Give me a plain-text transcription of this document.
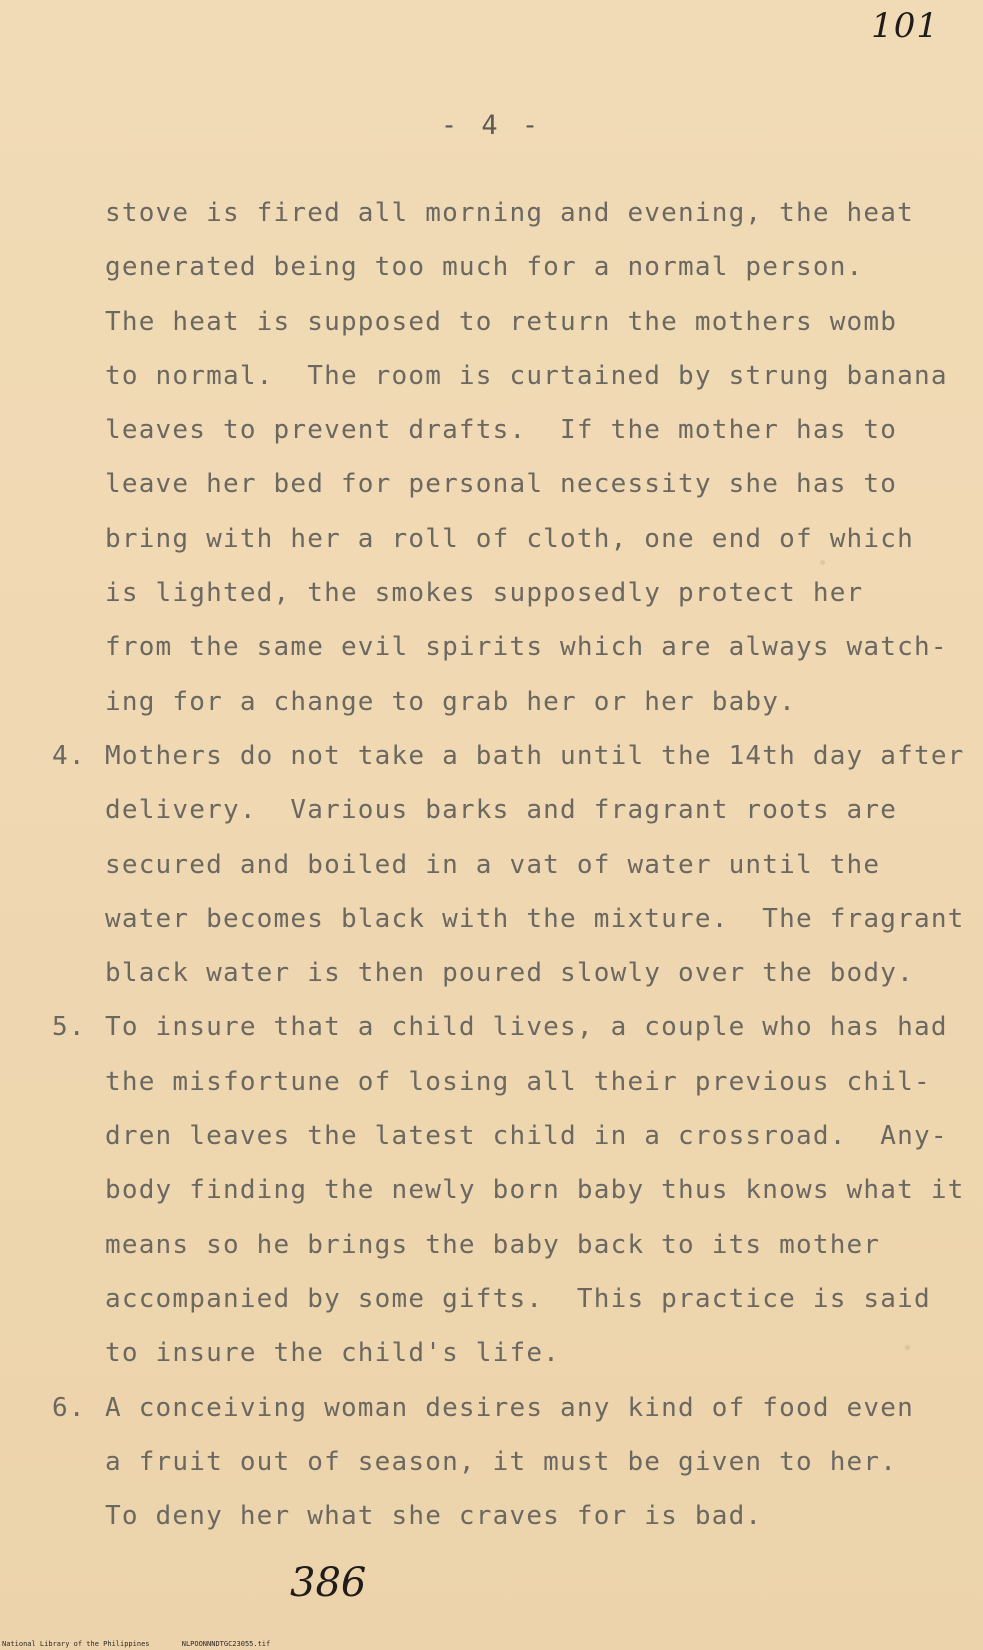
101
- 4 -
stove is fired all morning and evening, the heat
generated being too much for a normal person.
The heat is supposed to return the mothers womb
to normal.  The room is curtained by strung banana
leaves to prevent drafts.  If the mother has to
leave her bed for personal necessity she has to
bring with her a roll of cloth, one end of which
is lighted, the smokes supposedly protect her
from the same evil spirits which are always watch-
ing for a change to grab her or her baby.
4. Mothers do not take a bath until the 14th day after
delivery.  Various barks and fragrant roots are
secured and boiled in a vat of water until the
water becomes black with the mixture.  The fragrant
black water is then poured slowly over the body.
5. To insure that a child lives, a couple who has had
the misfortune of losing all their previous chil-
dren leaves the latest child in a crossroad.  Any-
body finding the newly born baby thus knows what it
means so he brings the baby back to its mother
accompanied by some gifts.  This practice is said
to insure the child's life.
6. A conceiving woman desires any kind of food even
a fruit out of season, it must be given to her.
To deny her what she craves for is bad.
386
National Library of the Philippines	NLPOONNNDTGC23055.tif
